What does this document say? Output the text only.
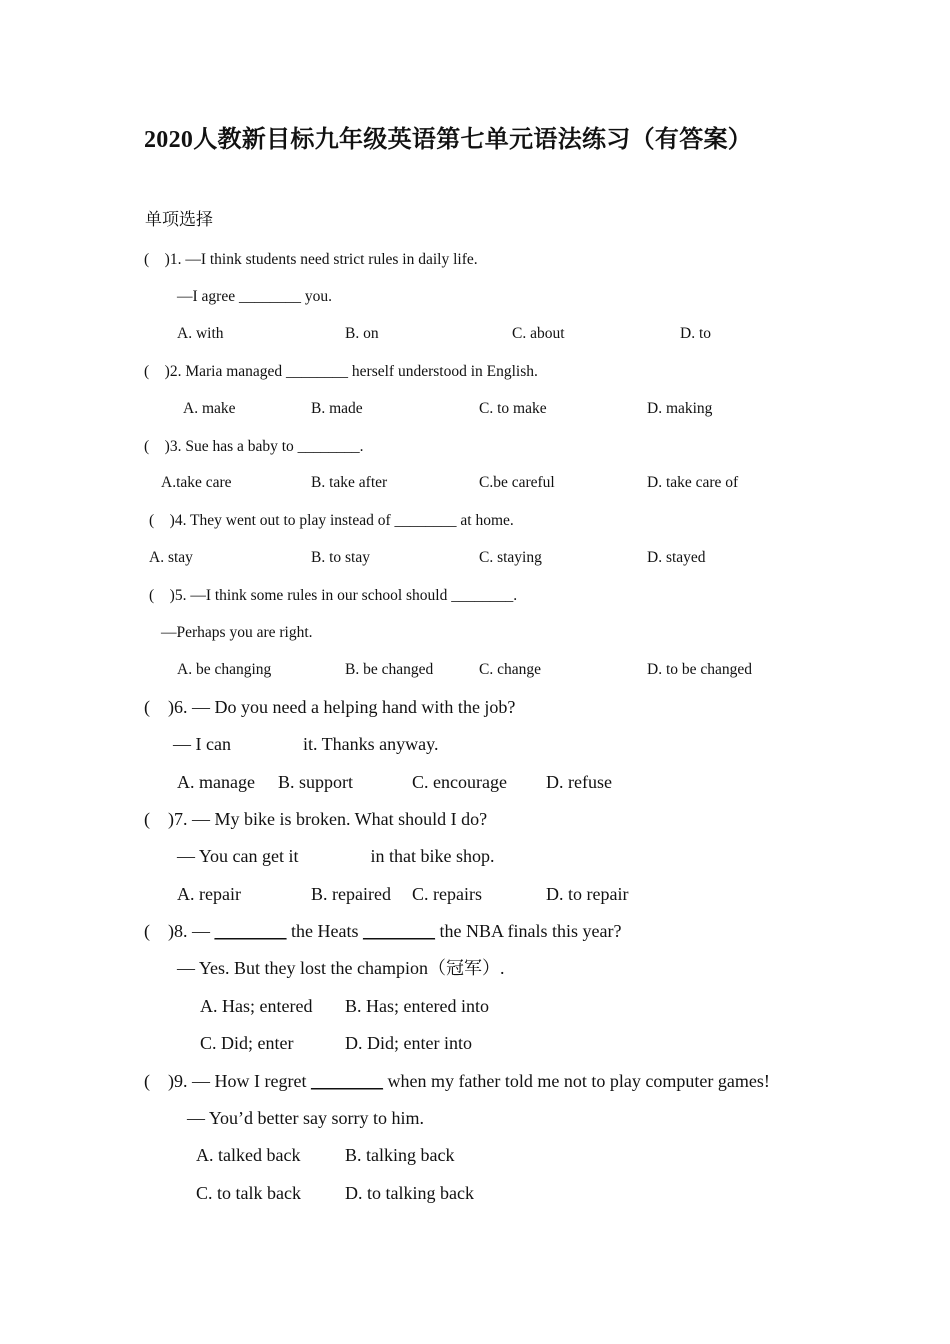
2020人教新目标九年级英语第七单元语法练习（有答案）
单项选择
(    )1. —I think students need strict rules in daily life.
—I agree ________ you.
A. with	B. on	C. about	D. to
(    )2. Maria managed ________ herself understood in English.
A. make	B. made	C. to make	D. making
(    )3. Sue has a baby to ________.
A.take care	B. take after	C.be careful	D. take care of
(    )4. They went out to play instead of ________ at home.
A. stay	B. to stay	C. staying	D. stayed
(    )5. —I think some rules in our school should ________.
—Perhaps you are right.
A. be changing	B. be changed	C. change	D. to be changed
(    )6. — Do you need a helping hand with the job?
— I can                it. Thanks anyway.
A. manage B. support	C. encourage D. refuse
(    )7. — My bike is broken. What should I do?
— You can get it                in that bike shop.
A. repair	B. repaired C. repairs	D. to repair
(    )8. — ________ the Heats ________ the NBA finals this year?
— Yes. But they lost the champion（冠军）.
A. Has; entered B. Has; entered into
C. Did; enter	D. Did; enter into
(    )9. — How I regret ________ when my father told me not to play computer games!
— You’d better say sorry to him.
A. talked back B. talking back
C. to talk back D. to talking back
